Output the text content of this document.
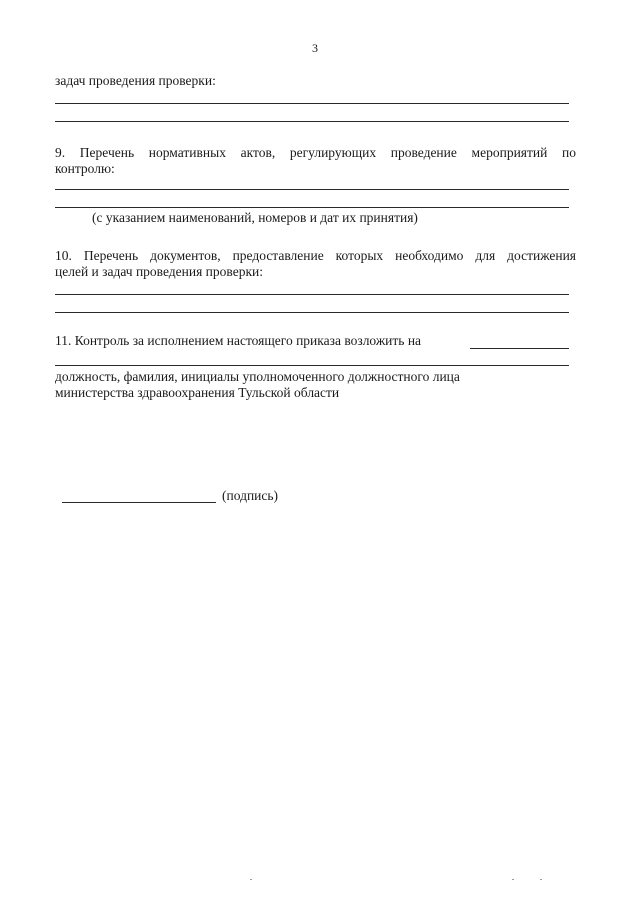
3
задач проведения проверки:
9. Перечень нормативных актов, регулирующих проведение мероприятий по
контролю:
(с указанием наименований, номеров и дат их принятия)
10. Перечень документов, предоставление которых необходимо для достижения
целей и задач проведения проверки:
11. Контроль за исполнением настоящего приказа возложить на
должность, фамилия, инициалы уполномоченного должностного лица
министерства здравоохранения Тульской области
(подпись)
